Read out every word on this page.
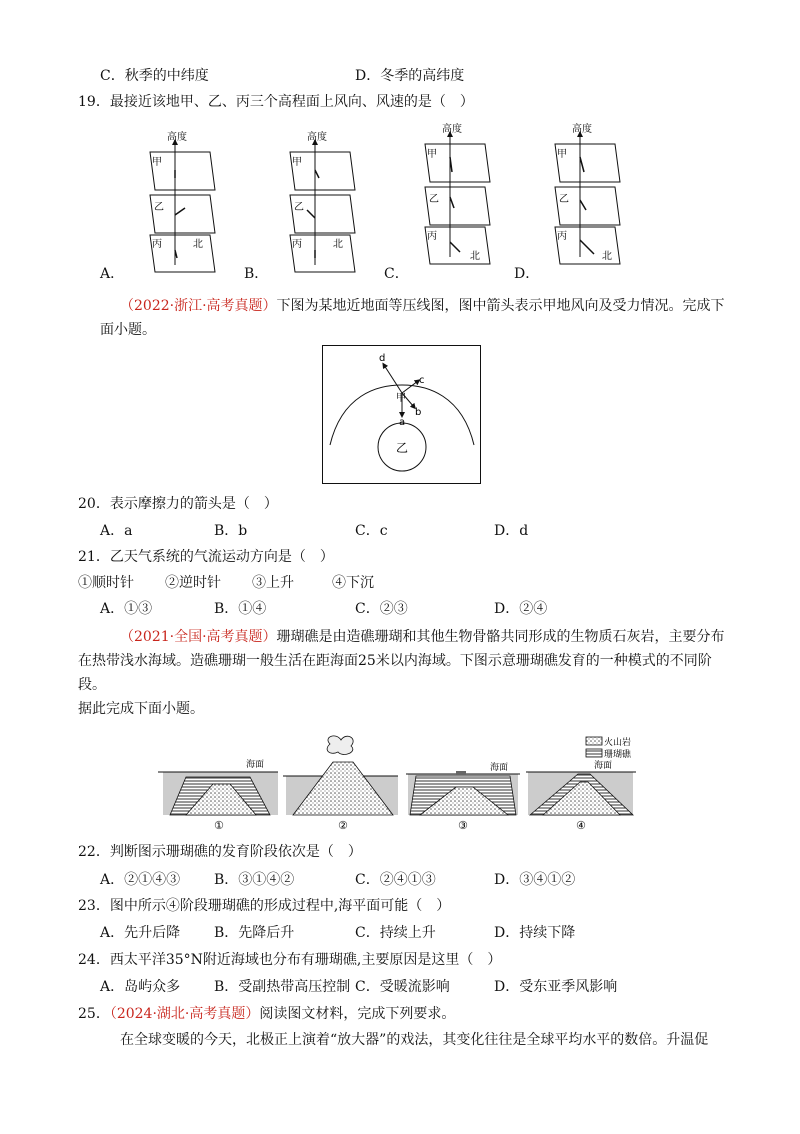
C．秋季的中纬度	D．冬季的高纬度
19．最接近该地甲、乙、丙三个高程面上风向、风速的是（　）
高度
甲
乙
丙	北
高度
甲
乙
丙	北
高度
甲
乙
丙
北
高度
甲
乙
丙
北
A．	B．	C．	D．
（2022·浙江·高考真题）下图为某地近地面等压线图，图中箭头表示甲地风向及受力情况。完成下
面小题。
乙
甲
d
c
b
a
20．表示摩擦力的箭头是（　）
A．a	B．b	C．c	D．d
21．乙天气系统的气流运动方向是（　）
①顺时针 ②逆时针 ③上升	④下沉
A．①③	B．①④	C．②③	D．②④
（2021·全国·高考真题）珊瑚礁是由造礁珊瑚和其他生物骨骼共同形成的生物质石灰岩，主要分布
在热带浅水海域。造礁珊瑚一般生活在距海面25米以内海域。下图示意珊瑚礁发育的一种模式的不同阶
段。
据此完成下面小题。
火山岩
珊瑚礁
海面	海面	海面
①	②	③	④
22．判断图示珊瑚礁的发育阶段依次是（　）
A．②①④③ B．③①④②	C．②④①③	D．③④①②
23．图中所示④阶段珊瑚礁的形成过程中,海平面可能（　）
A．先升后降 B．先降后升	C．持续上升	D．持续下降
24．西太平洋35°N附近海域也分布有珊瑚礁,主要原因是这里（　）
A．岛屿众多 B．受副热带高压控制 C．受暖流影响	D．受东亚季风影响
25．（2024·湖北·高考真题）阅读图文材料，完成下列要求。
在全球变暖的今天，北极正上演着“放大器”的戏法，其变化往往是全球平均水平的数倍。升温促
